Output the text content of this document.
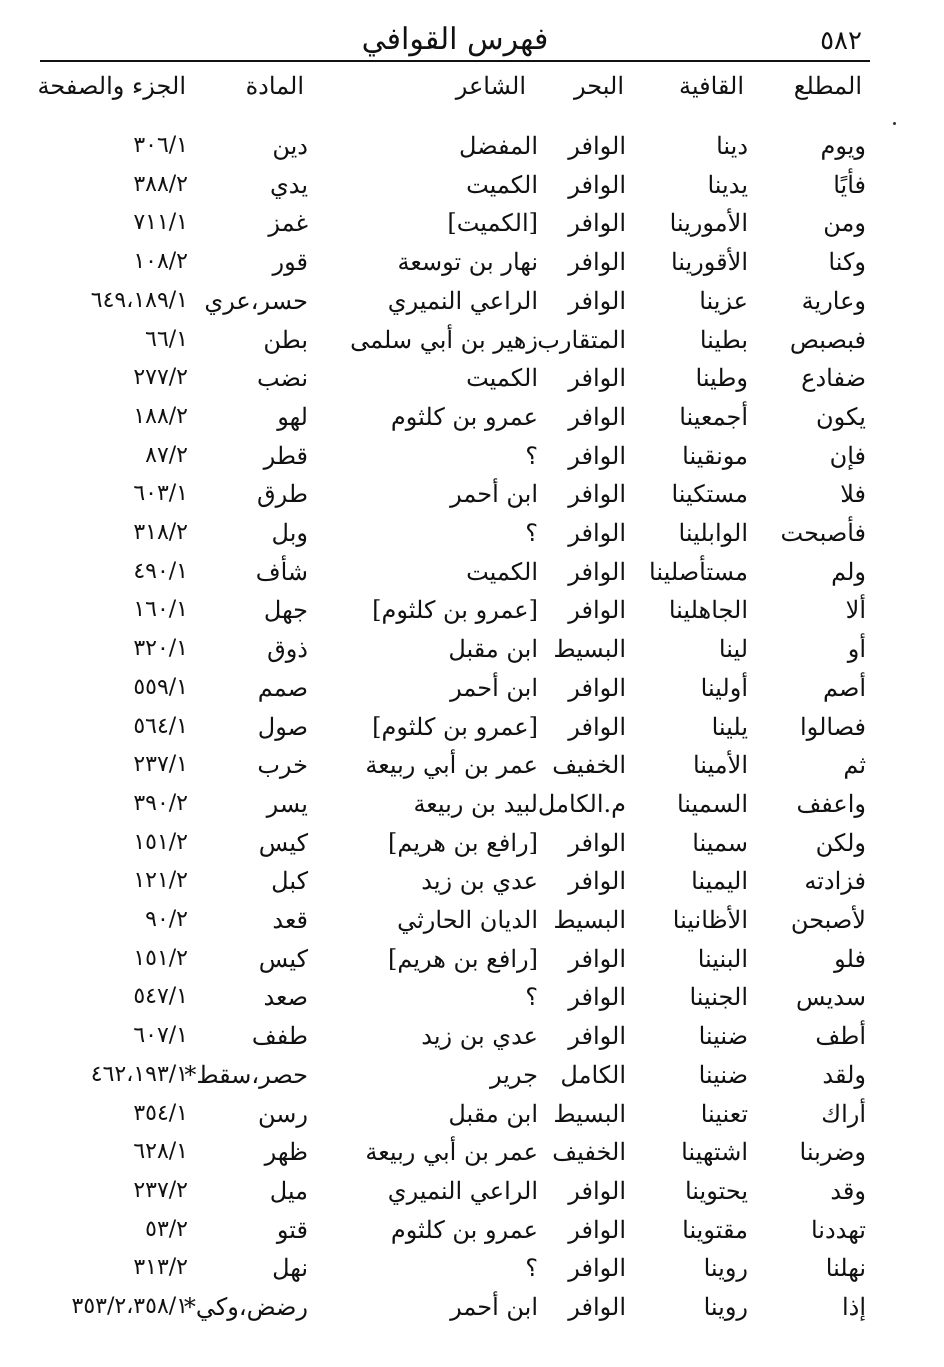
٥٨٢
فهرس القوافي
المطلع
القافية
البحر
الشاعر
المادة
الجزء والصفحة
ويوم
دينا
الوافر
المفضل
دين
٣٠٦/١
فأيًا
يدينا
الوافر
الكميت
يدي
٣٨٨/٢
ومن
الأمورينا
الوافر
[الكميت]
غمز
٧١١/١
وكنا
الأقورينا
الوافر
نهار بن توسعة
قور
١٠٨/٢
وعارية
عزينا
الوافر
الراعي النميري
حسر،عري
٦٤٩،١٨٩/١
فبصبص
بطينا
المتقارب
زهير بن أبي سلمى
بطن
٦٦/١
ضفادع
وطينا
الوافر
الكميت
نضب
٢٧٧/٢
يكون
أجمعينا
الوافر
عمرو بن كلثوم
لهو
١٨٨/٢
فإن
مونقينا
الوافر
؟
قطر
٨٧/٢
فلا
مستكينا
الوافر
ابن أحمر
طرق
٦٠٣/١
فأصبحت
الوابلينا
الوافر
؟
وبل
٣١٨/٢
ولم
مستأصلينا
الوافر
الكميت
شأف
٤٩٠/١
ألا
الجاهلينا
الوافر
[عمرو بن كلثوم]
جهل
١٦٠/١
أو
لينا
البسيط
ابن مقبل
ذوق
٣٢٠/١
أصم
أولينا
الوافر
ابن أحمر
صمم
٥٥٩/١
فصالوا
يلينا
الوافر
[عمرو بن كلثوم]
صول
٥٦٤/١
ثم
الأمينا
الخفيف
عمر بن أبي ربيعة
خرب
٢٣٧/١
واعفف
السمينا
م.الكامل
لبيد بن ربيعة
يسر
٣٩٠/٢
ولكن
سمينا
الوافر
[رافع بن هريم]
كيس
١٥١/٢
فزادته
اليمينا
الوافر
عدي بن زيد
كبل
١٢١/٢
لأصبحن
الأظانينا
البسيط
الديان الحارثي
قعد
٩٠/٢
فلو
البنينا
الوافر
[رافع بن هريم]
كيس
١٥١/٢
سديس
الجنينا
الوافر
؟
صعد
٥٤٧/١
أطف
ضنينا
الوافر
عدي بن زيد
طفف
٦٠٧/١
ولقد
ضنينا
الكامل
جرير
حصر،سقط*
٤٦٢،١٩٣/١
أراك
تعنينا
البسيط
ابن مقبل
رسن
٣٥٤/١
وضربنا
اشتهينا
الخفيف
عمر بن أبي ربيعة
ظهر
٦٢٨/١
وقد
يحتوينا
الوافر
الراعي النميري
ميل
٢٣٧/٢
تهددنا
مقتوينا
الوافر
عمرو بن كلثوم
قتو
٥٣/٢
نهلنا
روينا
الوافر
؟
نهل
٣١٣/٢
إذا
روينا
الوافر
ابن أحمر
رضض،وكي*
٣٥٣/٢،٣٥٨/١
